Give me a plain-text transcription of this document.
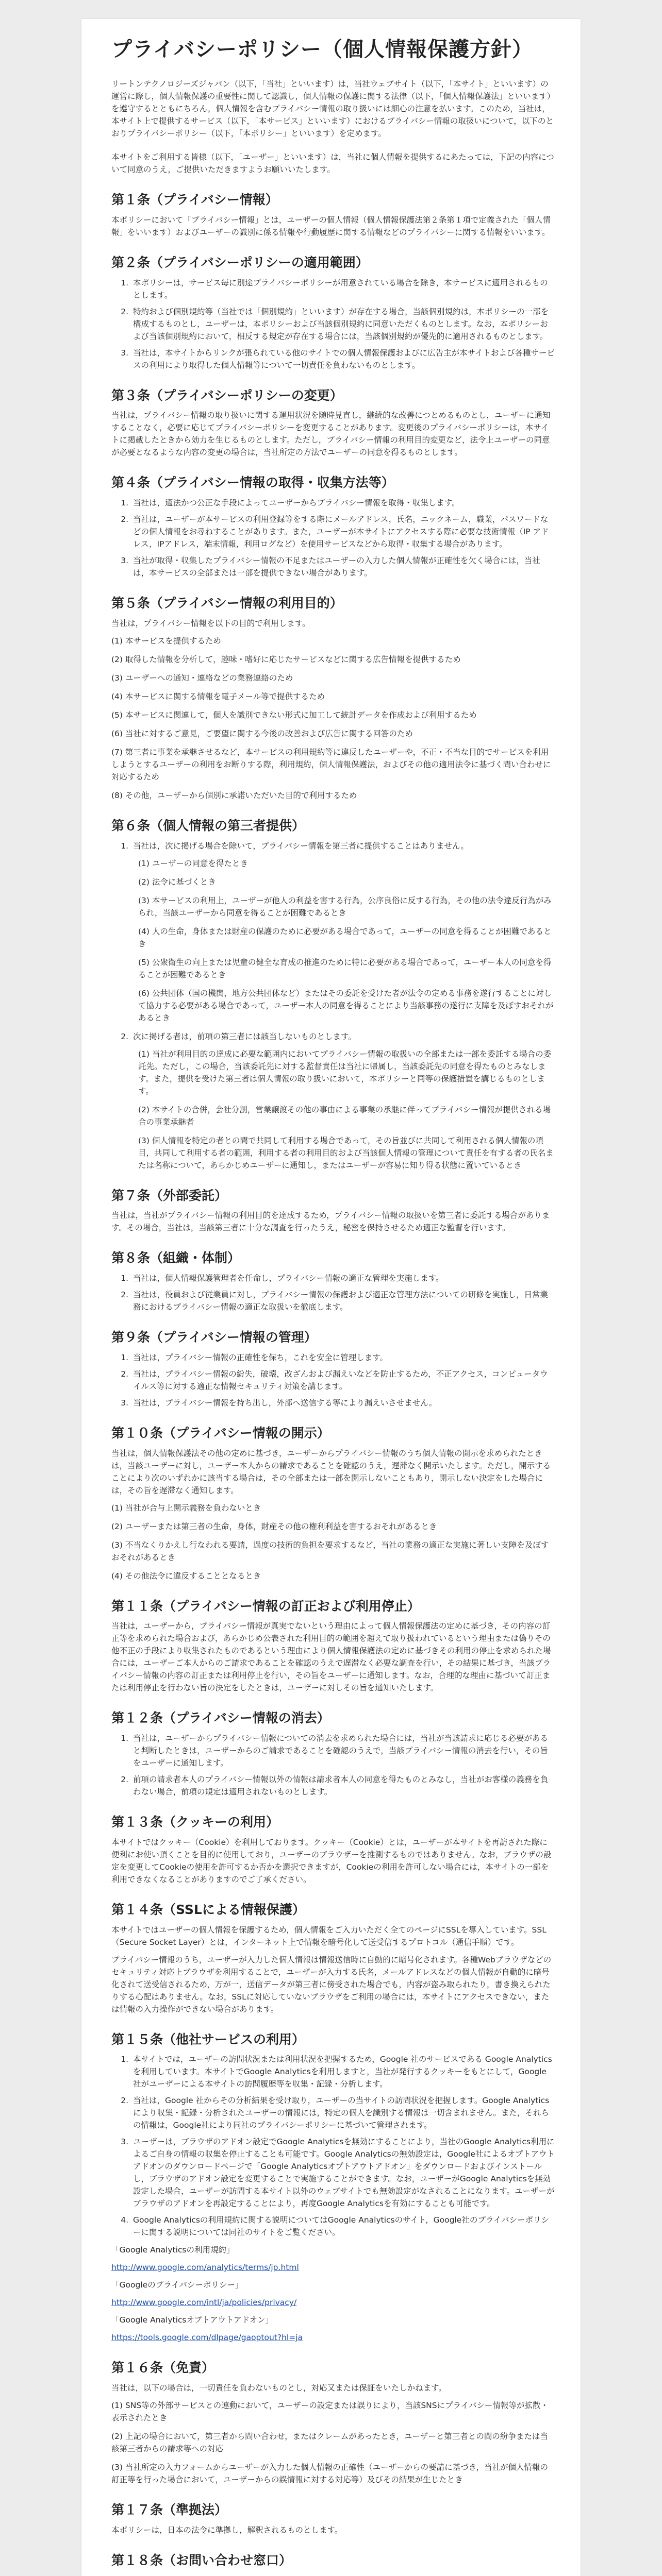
プライバシーポリシー（個人情報保護方針）

リートンテクノロジーズジャパン（以下，「当社」といいます）は，当社ウェブサイト（以下，「本サイト」といいます）の運営に際し，個人情報保護の重要性に関して認識し，個人情報の保護に関する法律（以下，「個人情報保護法」といいます）を遵守するとともにちろん，個人情報を含むプライバシー情報の取り扱いには細心の注意を払います。このため，当社は，本サイト上で提供するサービス（以下，「本サービス」といいます）におけるプライバシー情報の取扱いについて，以下のとおりプライバシーポリシー（以下，「本ポリシー」といいます）を定めます。

本サイトをご利用する皆様（以下，「ユーザー」といいます）は，当社に個人情報を提供するにあたっては，下記の内容について同意のうえ，ご提供いただきますようお願いいたします。

第１条（プライバシー情報）

本ポリシーにおいて「プライバシー情報」とは，ユーザーの個人情報（個人情報保護法第２条第１項で定義された「個人情報」をいいます）およびユーザーの識別に係る情報や行動履歴に関する情報などのプライバシーに関する情報をいいます。

第２条（プライバシーポリシーの適用範囲）
1. 本ポリシーは，サービス毎に別途プライバシーポリシーが用意されている場合を除き，本サービスに適用されるものとします。
2. 特約および個別規約等（当社では「個別規約」といいます）が存在する場合，当該個別規約は，本ポリシーの一部を構成するものとし，ユーザーは，本ポリシーおよび当該個別規約に同意いただくものとします。なお，本ポリシーおよび当該個別規約において，相反する規定が存在する場合には，当該個別規約が優先的に適用されるものとします。
3. 当社は，本サイトからリンクが張られている他のサイトでの個人情報保護およびに広告主が本サイトおよび各種サービスの利用により取得した個人情報等について一切責任を負わないものとします。
第３条（プライバシーポリシーの変更）

当社は，プライバシー情報の取り扱いに関する運用状況を随時見直し，継続的な改善につとめるものとし，ユーザーに通知することなく，必要に応じてプライバシーポリシーを変更することがあります。変更後のプライバシーポリシーは，本サイトに掲載したときから効力を生じるものとします。ただし，プライバシー情報の利用目的変更など，法令上ユーザーの同意が必要となるような内容の変更の場合は，当社所定の方法でユーザーの同意を得るものとします。

第４条（プライバシー情報の取得・収集方法等）
1. 当社は，適法かつ公正な手段によってユーザーからプライバシー情報を取得・収集します。
2. 当社は，ユーザーが本サービスの利用登録等をする際にメールアドレス，氏名，ニックネーム，職業，パスワードなどの個人情報をお尋ねすることがあります。また，ユーザーが本サイトにアクセスする際に必要な技術情報（IP アドレス，IPアドレス，端末情報，利用ログなど）を使用サービスなどから取得・収集する場合があります。
3. 当社が取得・収集したプライバシー情報の不足またはユーザーの入力した個人情報が正確性を欠く場合には，当社は，本サービスの全部または一部を提供できない場合があります。
第５条（プライバシー情報の利用目的）

当社は，プライバシー情報を以下の目的で利用します。

(1) 本サービスを提供するため
(2) 取得した情報を分析して，趣味・嗜好に応じたサービスなどに関する広告情報を提供するため
(3) ユーザーへの通知・連絡などの業務連絡のため
(4) 本サービスに関する情報を電子メール等で提供するため
(5) 本サービスに関連して，個人を識別できない形式に加工して統計データを作成および利用するため
(6) 当社に対するご意見，ご要望に関する今後の改善および広告に関する回答のため
(7) 第三者に事業を承継させるなど，本サービスの利用規約等に違反したユーザーや，不正・不当な目的でサービスを利用しようとするユーザーの利用をお断りする際，利用規約，個人情報保護法，およびその他の適用法令に基づく問い合わせに対応するため
(8) その他，ユーザーから個別に承諾いただいた目的で利用するため
第６条（個人情報の第三者提供）
1. 当社は，次に掲げる場合を除いて，プライバシー情報を第三者に提供することはありません。
(1) ユーザーの同意を得たとき
(2) 法令に基づくとき
(3) 本サービスの利用上，ユーザーが他人の利益を害する行為，公序良俗に反する行為，その他の法令違反行為がみられ，当該ユーザーから同意を得ることが困難であるとき
(4) 人の生命，身体または財産の保護のために必要がある場合であって，ユーザーの同意を得ることが困難であるとき
(5) 公衆衛生の向上または児童の健全な育成の推進のために特に必要がある場合であって，ユーザー本人の同意を得ることが困難であるとき
(6) 公共団体（国の機関，地方公共団体など）またはその委託を受けた者が法令の定める事務を遂行することに対して協力する必要がある場合であって，ユーザー本人の同意を得ることにより当該事務の遂行に支障を及ぼすおそれがあるとき
2. 次に掲げる者は，前項の第三者には該当しないものとします。
(1) 当社が利用目的の達成に必要な範囲内においてプライバシー情報の取扱いの全部または一部を委託する場合の委託先。ただし，この場合，当該委託先に対する監督責任は当社に帰属し，当該委託先の同意を得たものとみなします。また，提供を受けた第三者は個人情報の取り扱いにおいて，本ポリシーと同等の保護措置を講じるものとします。
(2) 本サイトの合併，会社分割，営業譲渡その他の事由による事業の承継に伴ってプライバシー情報が提供される場合の事業承継者
(3) 個人情報を特定の者との間で共同して利用する場合であって，その旨並びに共同して利用される個人情報の項目，共同して利用する者の範囲，利用する者の利用目的および当該個人情報の管理について責任を有する者の氏名または名称について，あらかじめユーザーに通知し，またはユーザーが容易に知り得る状態に置いているとき
第７条（外部委託）

当社は，当社がプライバシー情報の利用目的を達成するため，プライバシー情報の取扱いを第三者に委託する場合があります。その場合，当社は，当該第三者に十分な調査を行ったうえ，秘密を保持させるため適正な監督を行います。

第８条（組織・体制）
1. 当社は，個人情報保護管理者を任命し，プライバシー情報の適正な管理を実施します。
2. 当社は，役員および従業員に対し，プライバシー情報の保護および適正な管理方法についての研修を実施し，日常業務におけるプライバシー情報の適正な取扱いを徹底します。
第９条（プライバシー情報の管理）
1. 当社は，プライバシー情報の正確性を保ち，これを安全に管理します。
2. 当社は，プライバシー情報の紛失，破壊，改ざんおよび漏えいなどを防止するため，不正アクセス，コンピュータウイルス等に対する適正な情報セキュリティ対策を講じます。
3. 当社は，プライバシー情報を持ち出し，外部へ送信する等により漏えいさせません。
第１０条（プライバシー情報の開示）

当社は，個人情報保護法その他の定めに基づき，ユーザーからプライバシー情報のうち個人情報の開示を求められたときは，当該ユーザーに対し，ユーザー本人からの請求であることを確認のうえ，遅滞なく開示いたします。ただし，開示することにより次のいずれかに該当する場合は，その全部または一部を開示しないこともあり，開示しない決定をした場合には，その旨を遅滞なく通知します。

(1) 当社が合与上開示義務を負わないとき
(2) ユーザーまたは第三者の生命，身体，財産その他の権利利益を害するおそれがあるとき
(3) 不当なくりかえし行なわれる要請，過度の技術的負担を要求するなど，当社の業務の適正な実施に著しい支障を及ぼすおそれがあるとき
(4) その他法令に違反することとなるとき
第１１条（プライバシー情報の訂正および利用停止）

当社は，ユーザーから，プライバシー情報が真実でないという理由によって個人情報保護法の定めに基づき，その内容の訂正等を求められた場合および，あらかじめ公表された利用目的の範囲を超えて取り扱われているという理由または偽りその他不正の手段により収集されたものであるという理由により個人情報保護法の定めに基づきその利用の停止を求められた場合には，ユーザーご本人からのご請求であることを確認のうえで遅滞なく必要な調査を行い，その結果に基づき，当該プライバシー情報の内容の訂正または利用停止を行い，その旨をユーザーに通知します。なお，合理的な理由に基づいて訂正または利用停止を行わない旨の決定をしたときは，ユーザーに対しその旨を通知いたします。

第１２条（プライバシー情報の消去）
1. 当社は，ユーザーからプライバシー情報についての消去を求められた場合には，当社が当該請求に応じる必要があると判断したときは，ユーザーからのご請求であることを確認のうえで，当該プライバシー情報の消去を行い，その旨をユーザーに通知します。
2. 前項の請求者本人のプライバシー情報以外の情報は請求者本人の同意を得たものとみなし，当社がお客様の義務を負わない場合，前項の規定は適用されないものとします。
第１３条（クッキーの利用）

本サイトではクッキー（Cookie）を利用しております。クッキー（Cookie）とは，ユーザーが本サイトを再訪された際に便利にお使い頂くことを目的に使用しており，ユーザーのブラウザーを推測するものではありません。なお，ブラウザの設定を変更してCookieの使用を許可するか否かを選択できますが，Cookieの利用を許可しない場合には，本サイトの一部を利用できなくなることがありますのでご了承ください。

第１４条（SSLによる情報保護）

本サイトではユーザーの個人情報を保護するため，個人情報をご入力いただく全てのページにSSLを導入しています。SSL（Secure Socket Layer）とは，インターネット上で情報を暗号化して送受信するプロトコル（通信手順）です。

プライバシー情報のうち，ユーザーが入力した個人情報は情報送信時に自動的に暗号化されます。各種Webブラウザなどのセキュリティ対応上ブラウザを利用することで，ユーザーが入力する氏名，メールアドレスなどの個人情報が自動的に暗号化されて送受信されるため，万が一，送信データが第三者に傍受された場合でも，内容が盗み取られたり，書き換えられたりする心配はありません。なお，SSLに対応していないブラウザをご利用の場合には，本サイトにアクセスできない，または情報の入力操作ができない場合があります。

第１５条（他社サービスの利用）
1. 本サイトでは，ユーザーの訪問状況または利用状況を把握するため，Google 社のサービスである Google Analyticsを利用しています。本サイトでGoogle Analyticsを利用しますと，当社が発行するクッキーをもとにして，Google 社がユーザーによる本サイトの訪問履歴等を収集・記録・分析します。
2. 当社は，Google 社からその分析結果を受け取り，ユーザーの当サイトの訪問状況を把握します。Google Analyticsにより収集・記録・分析されたユーザーの情報には，特定の個人を識別する情報は一切含まれません。また，それらの情報は，Google社により同社のプライバシーポリシーに基づいて管理されます。
3. ユーザーは，ブラウザのアドオン設定でGoogle Analyticsを無効にすることにより，当社のGoogle Analytics利用によるご自身の情報の収集を停止することも可能です。Google Analyticsの無効設定は，Google社によるオプトアウトアドオンのダウンロードページで「Google Analyticsオプトアウトアドオン」をダウンロードおよびインストールし，ブラウザのアドオン設定を変更することで実施することができます。なお，ユーザーがGoogle Analyticsを無効設定した場合，ユーザーが訪問する本サイト以外のウェブサイトでも無効設定がなされることになります。ユーザーがブラウザのアドオンを再設定することにより，再度Google Analyticsを有効にすることも可能です。
4. Google Analyticsの利用規約に関する説明についてはGoogle Analyticsのサイト，Google社のプライバシーポリシーに関する説明については同社のサイトをご覧ください。

「Google Analyticsの利用規約」

http://www.google.com/analytics/terms/jp.html

「Googleのプライバシーポリシー」

http://www.google.com/intl/ja/policies/privacy/

「Google Analyticsオプトアウトアドオン」

https://tools.google.com/dlpage/gaoptout?hl=ja

第１６条（免責）

当社は，以下の場合は，一切責任を負わないものとし，対応又または保証をいたしかねます。

(1) SNS等の外部サービスとの連動において，ユーザーの設定または誤りにより，当該SNSにプライバシー情報等が拡散・表示されたとき
(2) 上記の場合において，第三者から問い合わせ，またはクレームがあったとき，ユーザーと第三者との間の紛争または当該第三者からの請求等への対応
(3) 当社所定の入力フォームからユーザーが入力した個人情報の正確性（ユーザーからの要請に基づき，当社が個人情報の訂正等を行った場合において，ユーザーからの誤情報に対する対応等）及びその結果が生じたとき
第１７条（準拠法）

本ポリシーは，日本の法令に準拠し，解釈されるものとします。

第１８条（お問い合わせ窓口）
